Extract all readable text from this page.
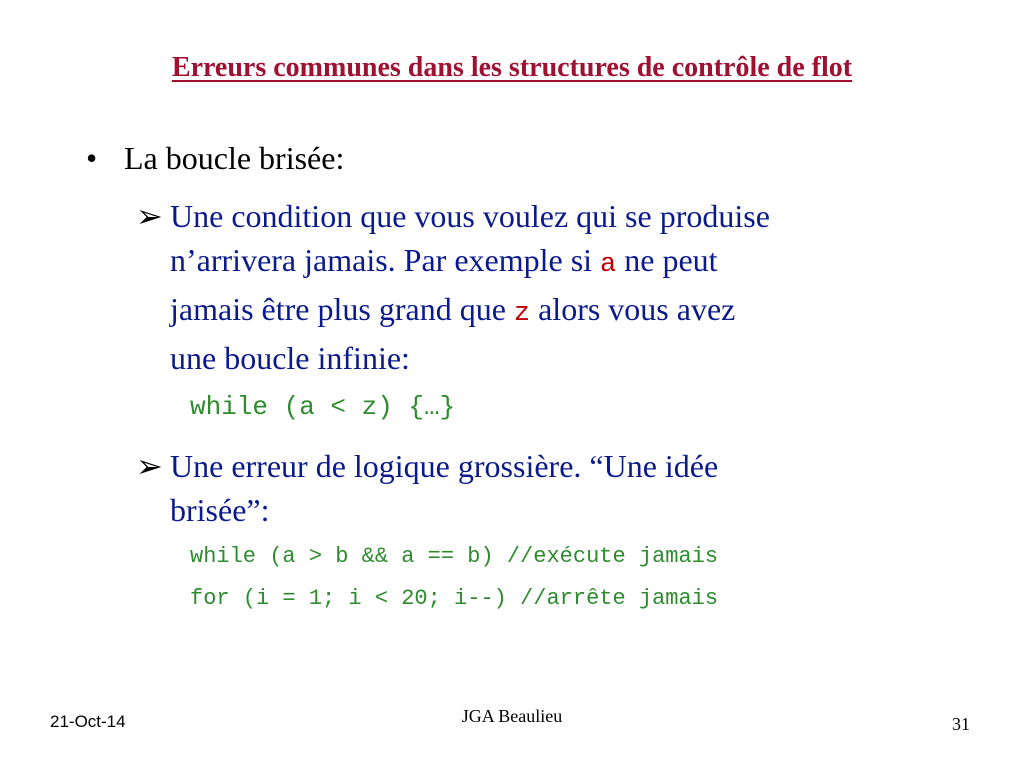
Erreurs communes dans les structures de contrôle de flot
• La boucle brisée:
➢ Une condition que vous voulez qui se produise
n’arrivera jamais. Par exemple si a ne peut
jamais être plus grand que z alors vous avez
une boucle infinie:
while (a < z) {…}
➢ Une erreur de logique grossière. “Une idée
brisée”:
while (a > b && a == b) //exécute jamais
for (i = 1; i < 20; i--) //arrête jamais
21-Oct-14	JGA Beaulieu	31
